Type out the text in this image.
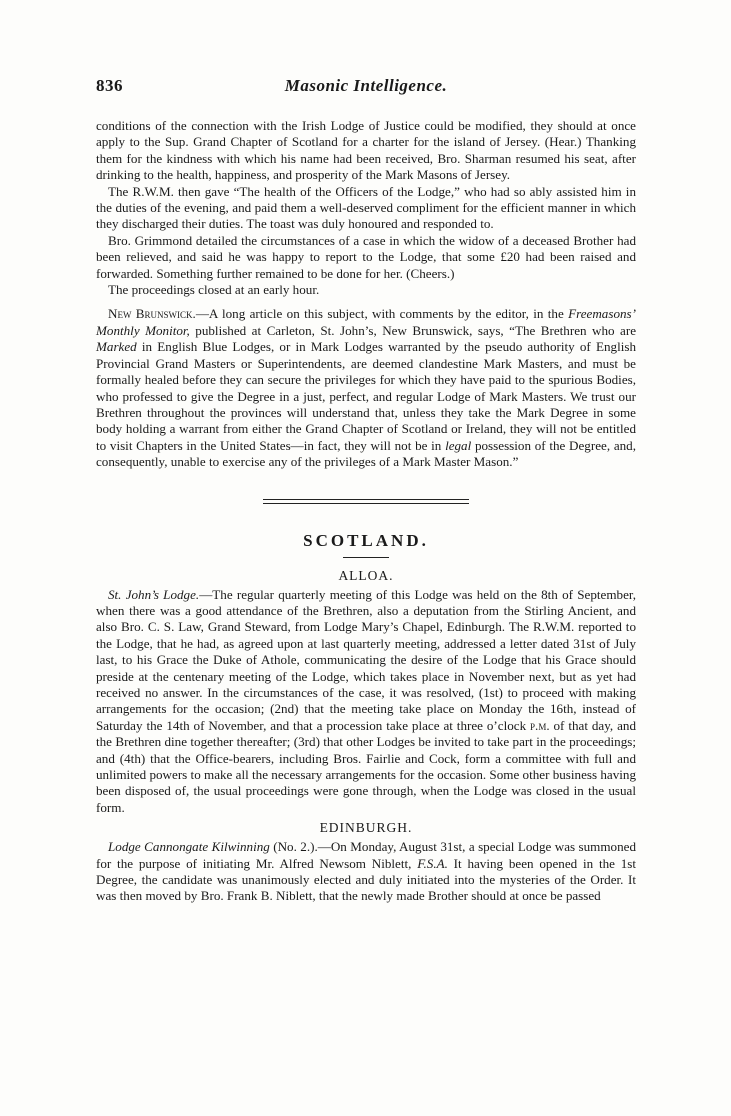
836	Masonic Intelligence.

conditions of the connection with the Irish Lodge of Justice could be modified, they should at once apply to the Sup. Grand Chapter of Scotland for a charter for the island of Jersey. (Hear.) Thanking them for the kindness with which his name had been received, Bro. Sharman resumed his seat, after drinking to the health, happiness, and prosperity of the Mark Masons of Jersey.

The R.W.M. then gave “The health of the Officers of the Lodge,” who had so ably assisted him in the duties of the evening, and paid them a well-deserved compliment for the efficient manner in which they discharged their duties. The toast was duly honoured and responded to.

Bro. Grimmond detailed the circumstances of a case in which the widow of a deceased Brother had been relieved, and said he was happy to report to the Lodge, that some £20 had been raised and forwarded. Something further remained to be done for her. (Cheers.)

The proceedings closed at an early hour.

New Brunswick.—A long article on this subject, with comments by the editor, in the Freemasons’ Monthly Monitor, published at Carleton, St. John’s, New Brunswick, says, “The Brethren who are Marked in English Blue Lodges, or in Mark Lodges warranted by the pseudo authority of English Provincial Grand Masters or Superintendents, are deemed clandestine Mark Masters, and must be formally healed before they can secure the privileges for which they have paid to the spurious Bodies, who professed to give the Degree in a just, perfect, and regular Lodge of Mark Masters. We trust our Brethren throughout the provinces will understand that, unless they take the Mark Degree in some body holding a warrant from either the Grand Chapter of Scotland or Ireland, they will not be entitled to visit Chapters in the United States—in fact, they will not be in legal possession of the Degree, and, consequently, unable to exercise any of the privileges of a Mark Master Mason.”

SCOTLAND.
ALLOA.

St. John’s Lodge.—The regular quarterly meeting of this Lodge was held on the 8th of September, when there was a good attendance of the Brethren, also a deputation from the Stirling Ancient, and also Bro. C. S. Law, Grand Steward, from Lodge Mary’s Chapel, Edinburgh. The R.W.M. reported to the Lodge, that he had, as agreed upon at last quarterly meeting, addressed a letter dated 31st of July last, to his Grace the Duke of Athole, communicating the desire of the Lodge that his Grace should preside at the centenary meeting of the Lodge, which takes place in November next, but as yet had received no answer. In the circumstances of the case, it was resolved, (1st) to proceed with making arrangements for the occasion; (2nd) that the meeting take place on Monday the 16th, instead of Saturday the 14th of November, and that a procession take place at three o’clock p.m. of that day, and the Brethren dine together thereafter; (3rd) that other Lodges be invited to take part in the proceedings; and (4th) that the Office-bearers, including Bros. Fairlie and Cock, form a committee with full and unlimited powers to make all the necessary arrangements for the occasion. Some other business having been disposed of, the usual proceedings were gone through, when the Lodge was closed in the usual form.

EDINBURGH.

Lodge Cannongate Kilwinning (No. 2.).—On Monday, August 31st, a special Lodge was summoned for the purpose of initiating Mr. Alfred Newsom Niblett, F.S.A. It having been opened in the 1st Degree, the candidate was unanimously elected and duly initiated into the mysteries of the Order. It was then moved by Bro. Frank B. Niblett, that the newly made Brother should at once be passed
